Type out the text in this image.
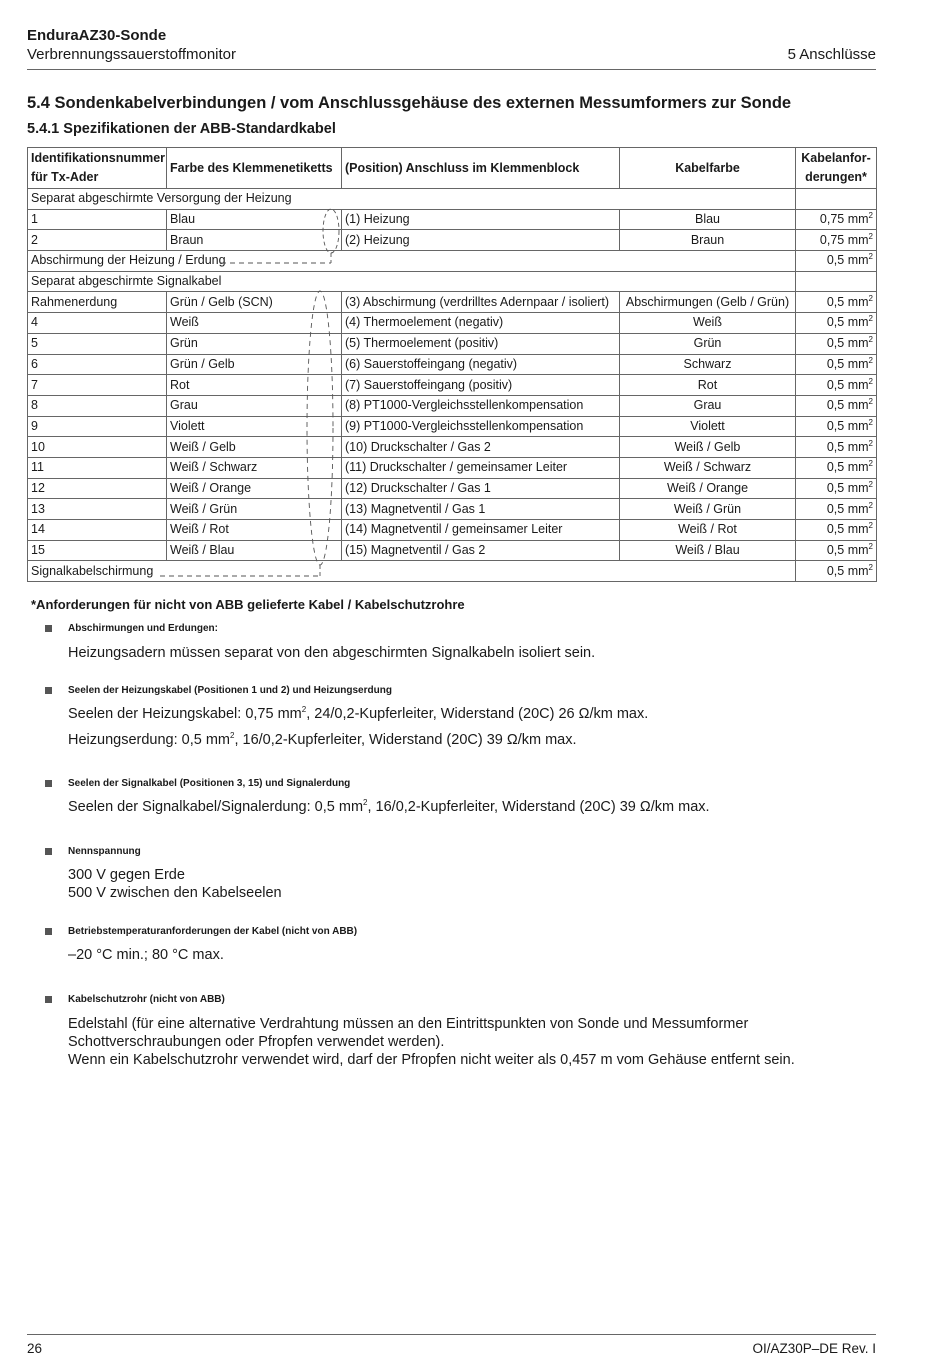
EnduraAZ30-Sonde
Verbrennungssauerstoffmonitor	5 Anschlüsse
5.4 Sondenkabelverbindungen / vom Anschlussgehäuse des externen Messumformers zur Sonde
5.4.1 Spezifikationen der ABB-Standardkabel
Identifikationsnummer für Tx-Ader	Farbe des Klemmenetiketts	(Position) Anschluss im Klemmenblock	Kabelfarbe	Kabelanforderungen*
Separat abgeschirmte Versorgung der Heizung				
1	Blau	(1) Heizung	Blau	0,75 $mm^2$
2	Braun	(2) Heizung	Braun	0,75 $mm^2$
Abschirmung der Heizung / Erdung				0,5 $mm^2$
Separat abgeschirmte Signalkabel				
Rahmenerdung	Grün / Gelb (SCN)	(3) Abschirmung (verdrilltes Adernpaar / isoliert)	Abschirmungen (Gelb / Grün)	0,5 $mm^2$
4	Weiß	(4) Thermoelement (negativ)	Weiß	0,5 $mm^2$
5	Grün	(5) Thermoelement (positiv)	Grün	0,5 $mm^2$
6	Grün / Gelb	(6) Sauerstoffeingang (negativ)	Schwarz	0,5 $mm^2$
7	Rot	(7) Sauerstoffeingang (positiv)	Rot	0,5 $mm^2$
8	Grau	(8) PT1000-Vergleichsstellenkompensation	Grau	0,5 $mm^2$
9	Violett	(9) PT1000-Vergleichsstellenkompensation	Violett	0,5 $mm^2$
10	Weiß / Gelb	(10) Druckschalter / Gas 2	Weiß / Gelb	0,5 $mm^2$
11	Weiß / Schwarz	(11) Druckschalter / gemeinsamer Leiter	Weiß / Schwarz	0,5 $mm^2$
12	Weiß / Orange	(12) Druckschalter / Gas 1	Weiß / Orange	0,5 $mm^2$
13	Weiß / Grün	(13) Magnetventil / Gas 1	Weiß / Grün	0,5 $mm^2$
14	Weiß / Rot	(14) Magnetventil / gemeinsamer Leiter	Weiß / Rot	0,5 $mm^2$
15	Weiß / Blau	(15) Magnetventil / Gas 2	Weiß / Blau	0,5 $mm^2$
Signalkabelschirmung				0,5 $mm^2$
*Anforderungen für nicht von ABB gelieferte Kabel / Kabelschutzrohre
Abschirmungen und Erdungen:
Heizungsadern müssen separat von den abgeschirmten Signalkabeln isoliert sein.
Seelen der Heizungskabel (Positionen 1 und 2) und Heizungserdung
Seelen der Heizungskabel: 0,75 $mm^2$, 24/0,2-Kupferleiter, Widerstand (20C) 26 Ω/km max.
Heizungserdung: 0,5 $mm^2$, 16/0,2-Kupferleiter, Widerstand (20C) 39 Ω/km max.
Seelen der Signalkabel (Positionen 3, 15) und Signalerdung
Seelen der Signalkabel/Signalerdung: 0,5 $mm^2$, 16/0,2-Kupferleiter, Widerstand (20C) 39 Ω/km max.
Nennspannung
300 V gegen Erde
500 V zwischen den Kabelseelen
Betriebstemperaturanforderungen der Kabel (nicht von ABB)
–20 °C min.; 80 °C max.
Kabelschutzrohr (nicht von ABB)
Edelstahl (für eine alternative Verdrahtung müssen an den Eintrittspunkten von Sonde und Messumformer
Schottverschraubungen oder Pfropfen verwendet werden).
Wenn ein Kabelschutzrohr verwendet wird, darf der Pfropfen nicht weiter als 0,457 m vom Gehäuse entfernt sein.
26	OI/AZ30P–DE Rev. I
